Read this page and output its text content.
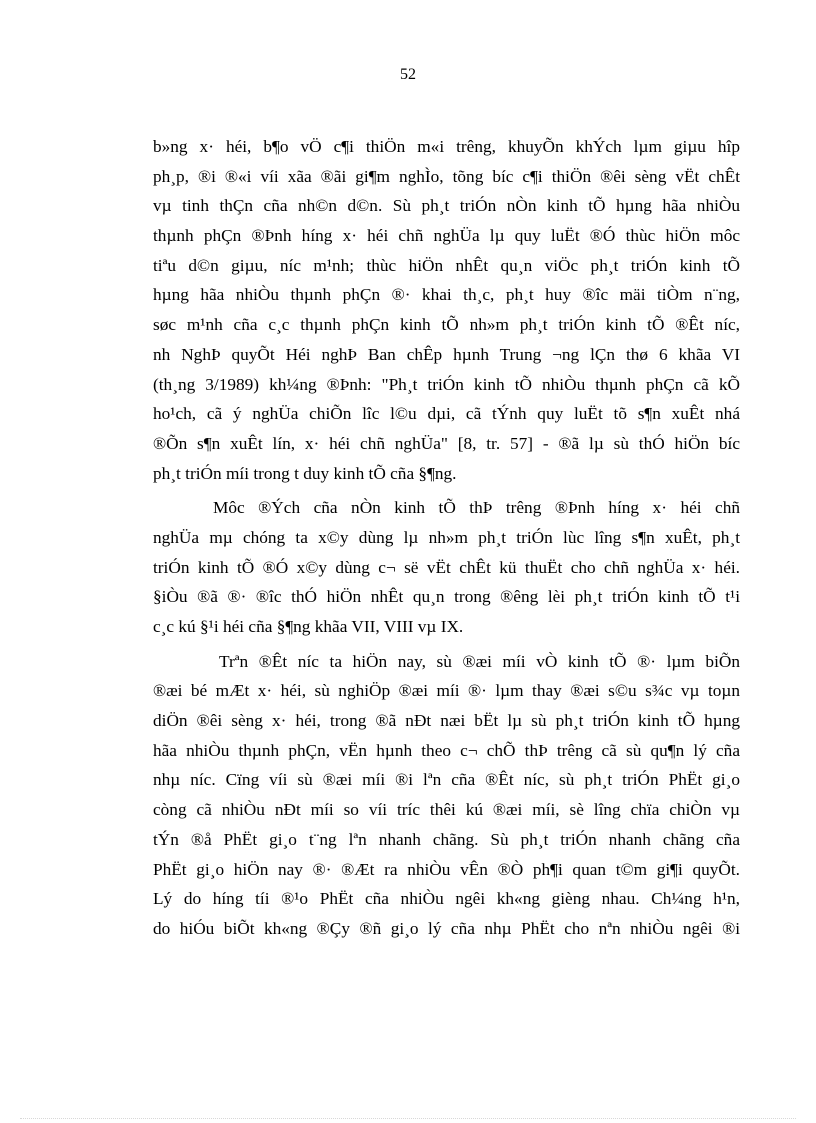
52
b»ng x· héi, b¶o vÖ c¶i thiÖn m«i trêng, khuyÕn khÝch lµm giµu hîp
ph¸p, ®i ®«i víi xãa ®ãi gi¶m nghÌo, tõng bíc c¶i thiÖn ®êi sèng vËt chÊt
vµ tinh thÇn cña nh©n d©n. Sù ph¸t triÓn nÒn kinh tÕ hµng hãa nhiÒu
thµnh phÇn ®Þnh híng x· héi chñ nghÜa lµ quy luËt ®Ó thùc hiÖn môc
tiªu d©n giµu, níc m¹nh; thùc hiÖn nhÊt qu¸n viÖc ph¸t triÓn kinh tÕ
hµng hãa nhiÒu thµnh phÇn ®· khai th¸c, ph¸t huy ®îc mäi tiÒm n¨ng,
søc m¹nh cña c¸c thµnh phÇn kinh tÕ nh»m ph¸t triÓn kinh tÕ ®Êt níc,
nh NghÞ quyÕt Héi nghÞ Ban chÊp hµnh Trung ¬ng lÇn thø 6 khãa VI
(th¸ng 3/1989) kh¼ng ®Þnh: "Ph¸t triÓn kinh tÕ nhiÒu thµnh phÇn cã kÕ
ho¹ch, cã ý nghÜa chiÕn lîc l©u dµi, cã tÝnh quy luËt tõ s¶n xuÊt nhá
®Õn s¶n xuÊt lín, x· héi chñ nghÜa" [8, tr. 57] - ®ã lµ sù thÓ hiÖn bíc
ph¸t triÓn míi trong t duy kinh tÕ cña §¶ng.
Môc ®Ých cña nÒn kinh tÕ thÞ trêng ®Þnh híng x· héi chñ
nghÜa mµ chóng ta x©y dùng lµ nh»m ph¸t triÓn lùc lîng s¶n xuÊt, ph¸t
triÓn kinh tÕ ®Ó x©y dùng c¬ së vËt chÊt kü thuËt cho chñ nghÜa x· héi.
§iÒu ®ã ®· ®îc thÓ hiÖn nhÊt qu¸n trong ®êng lèi ph¸t triÓn kinh tÕ t¹i
c¸c kú §¹i héi cña §¶ng khãa VII, VIII vµ IX.
Trªn ®Êt níc ta hiÖn nay, sù ®æi míi vÒ kinh tÕ ®· lµm biÕn
®æi bé mÆt x· héi, sù nghiÖp ®æi míi ®· lµm thay ®æi s©u s¾c vµ toµn
diÖn ®êi sèng x· héi, trong ®ã nÐt næi bËt lµ sù ph¸t triÓn kinh tÕ hµng
hãa nhiÒu thµnh phÇn, vËn hµnh theo c¬ chÕ thÞ trêng cã sù qu¶n lý cña
nhµ níc. Cïng víi sù ®æi míi ®i lªn cña ®Êt níc, sù ph¸t triÓn PhËt gi¸o
còng cã nhiÒu nÐt míi so víi tríc thêi kú ®æi míi, sè lîng chïa chiÒn vµ
tÝn ®å PhËt gi¸o t¨ng lªn nhanh chãng. Sù ph¸t triÓn nhanh chãng cña
PhËt gi¸o hiÖn nay ®· ®Æt ra nhiÒu vÊn ®Ò ph¶i quan t©m gi¶i quyÕt.
Lý do híng tíi ®¹o PhËt cña nhiÒu ngêi kh«ng gièng nhau. Ch¼ng h¹n,
do hiÓu biÕt kh«ng ®Çy ®ñ gi¸o lý cña nhµ PhËt cho nªn nhiÒu ngêi ®i
